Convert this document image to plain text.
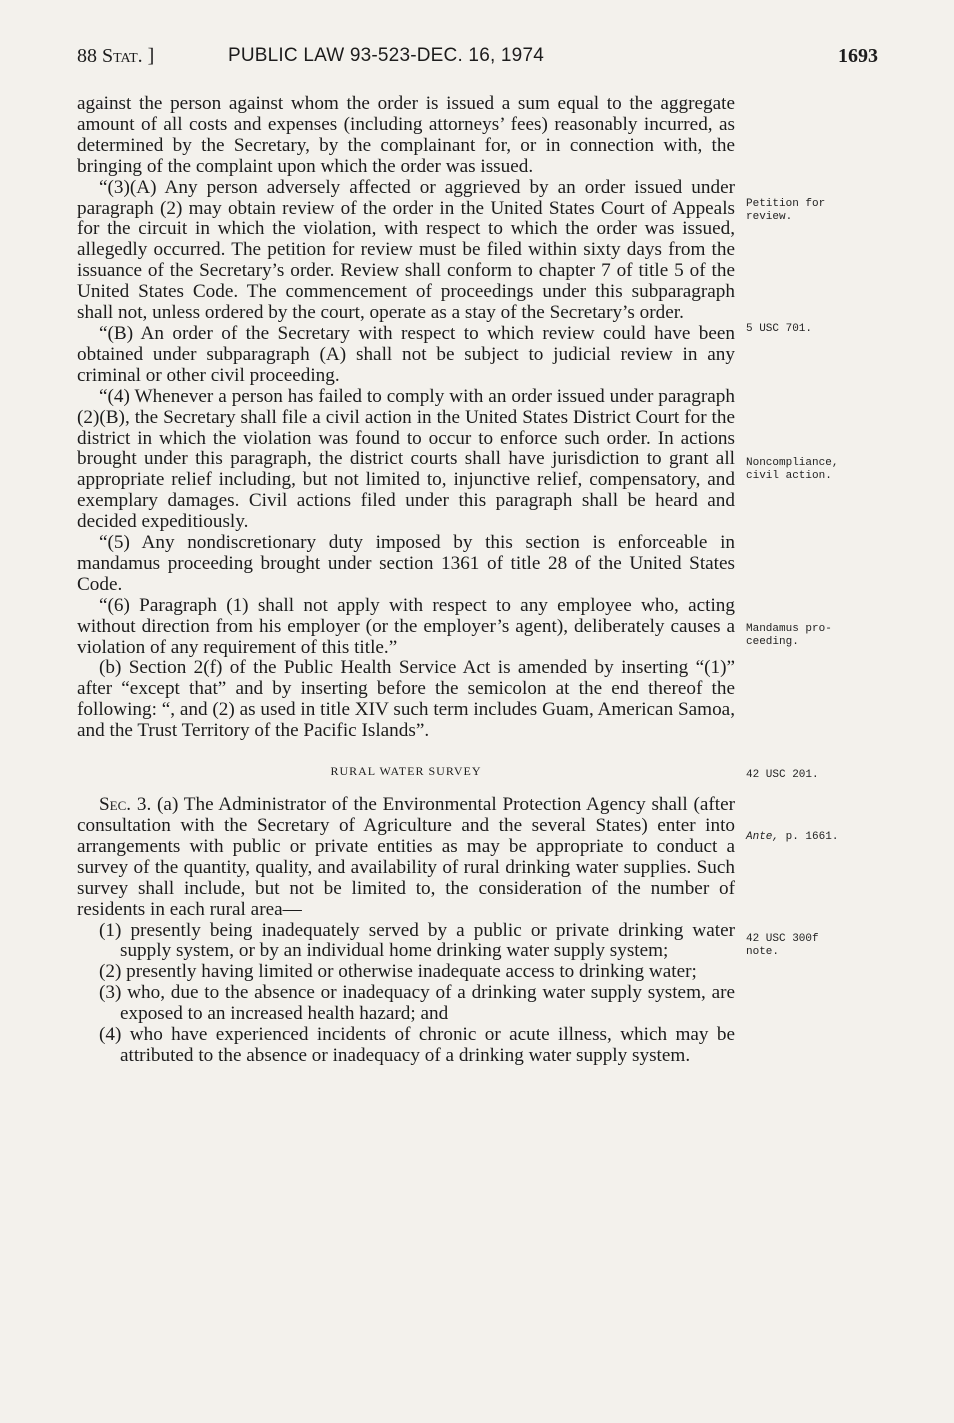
88 Stat. ]	PUBLIC LAW 93-523-DEC. 16, 1974	1693

against the person against whom the order is issued a sum equal to the aggregate amount of all costs and expenses (including attorneys’ fees) reasonably incurred, as determined by the Secretary, by the complainant for, or in connection with, the bringing of the complaint upon which the order was issued.

“(3)(A) Any person adversely affected or aggrieved by an order issued under paragraph (2) may obtain review of the order in the United States Court of Appeals for the circuit in which the violation, with respect to which the order was issued, allegedly occurred. The petition for review must be filed within sixty days from the issuance of the Secretary’s order. Review shall conform to chapter 7 of title 5 of the United States Code. The commencement of proceedings under this subparagraph shall not, unless ordered by the court, operate as a stay of the Secretary’s order.

“(B) An order of the Secretary with respect to which review could have been obtained under subparagraph (A) shall not be subject to judicial review in any criminal or other civil proceeding.

“(4) Whenever a person has failed to comply with an order issued under paragraph (2)(B), the Secretary shall file a civil action in the United States District Court for the district in which the violation was found to occur to enforce such order. In actions brought under this paragraph, the district courts shall have jurisdiction to grant all appropriate relief including, but not limited to, injunctive relief, compensatory, and exemplary damages. Civil actions filed under this paragraph shall be heard and decided expeditiously.

“(5) Any nondiscretionary duty imposed by this section is enforceable in mandamus proceeding brought under section 1361 of title 28 of the United States Code.

“(6) Paragraph (1) shall not apply with respect to any employee who, acting without direction from his employer (or the employer’s agent), deliberately causes a violation of any requirement of this title.”

(b) Section 2(f) of the Public Health Service Act is amended by inserting “(1)” after “except that” and by inserting before the semicolon at the end thereof the following: “, and (2) as used in title XIV such term includes Guam, American Samoa, and the Trust Territory of the Pacific Islands”.

RURAL WATER SURVEY

Sec. 3. (a) The Administrator of the Environmental Protection Agency shall (after consultation with the Secretary of Agriculture and the several States) enter into arrangements with public or private entities as may be appropriate to conduct a survey of the quantity, quality, and availability of rural drinking water supplies. Such survey shall include, but not be limited to, the consideration of the number of residents in each rural area—

(1) presently being inadequately served by a public or private drinking water supply system, or by an individual home drinking water supply system;

(2) presently having limited or otherwise inadequate access to drinking water;

(3) who, due to the absence or inadequacy of a drinking water supply system, are exposed to an increased health hazard; and

(4) who have experienced incidents of chronic or acute illness, which may be attributed to the absence or inadequacy of a drinking water supply system.

Petition for
review.
5 USC 701.
Noncompliance,
civil action.
Mandamus pro-
ceeding.
42 USC 201.
Ante, p. 1661.
42 USC 300f
note.
